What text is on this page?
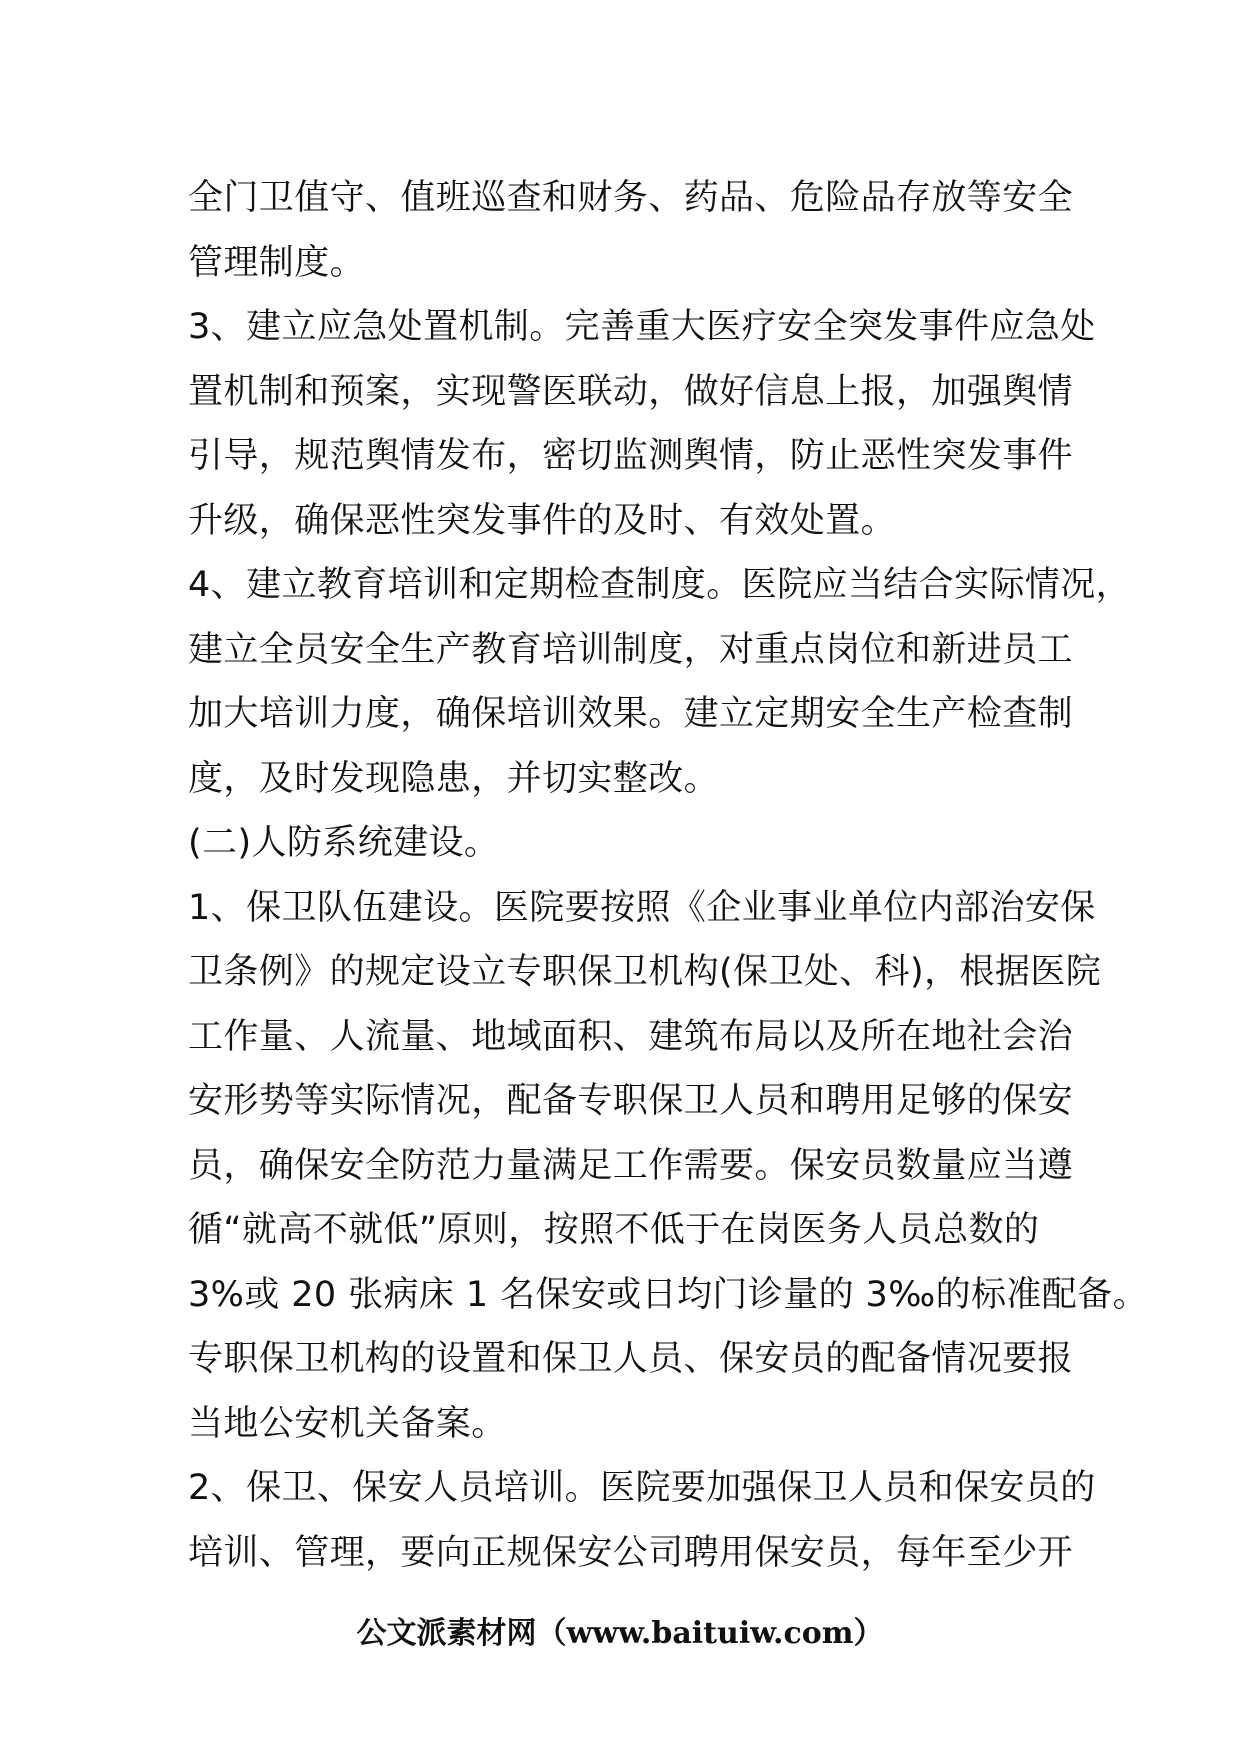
全门卫值守、值班巡查和财务、药品、危险品存放等安全
管理制度。
3、建立应急处置机制。完善重大医疗安全突发事件应急处
置机制和预案，实现警医联动，做好信息上报，加强舆情
引导，规范舆情发布，密切监测舆情，防止恶性突发事件
升级，确保恶性突发事件的及时、有效处置。
4、建立教育培训和定期检查制度。医院应当结合实际情况，
建立全员安全生产教育培训制度，对重点岗位和新进员工
加大培训力度，确保培训效果。建立定期安全生产检查制
度，及时发现隐患，并切实整改。
(二)人防系统建设。
1、保卫队伍建设。医院要按照《企业事业单位内部治安保
卫条例》的规定设立专职保卫机构(保卫处、科)，根据医院
工作量、人流量、地域面积、建筑布局以及所在地社会治
安形势等实际情况，配备专职保卫人员和聘用足够的保安
员，确保安全防范力量满足工作需要。保安员数量应当遵
循“就高不就低”原则，按照不低于在岗医务人员总数的
3%或 20 张病床 1 名保安或日均门诊量的 3‰的标准配备。
专职保卫机构的设置和保卫人员、保安员的配备情况要报
当地公安机关备案。
2、保卫、保安人员培训。医院要加强保卫人员和保安员的
培训、管理，要向正规保安公司聘用保安员，每年至少开
公文派素材网（www.baituiw.com）
